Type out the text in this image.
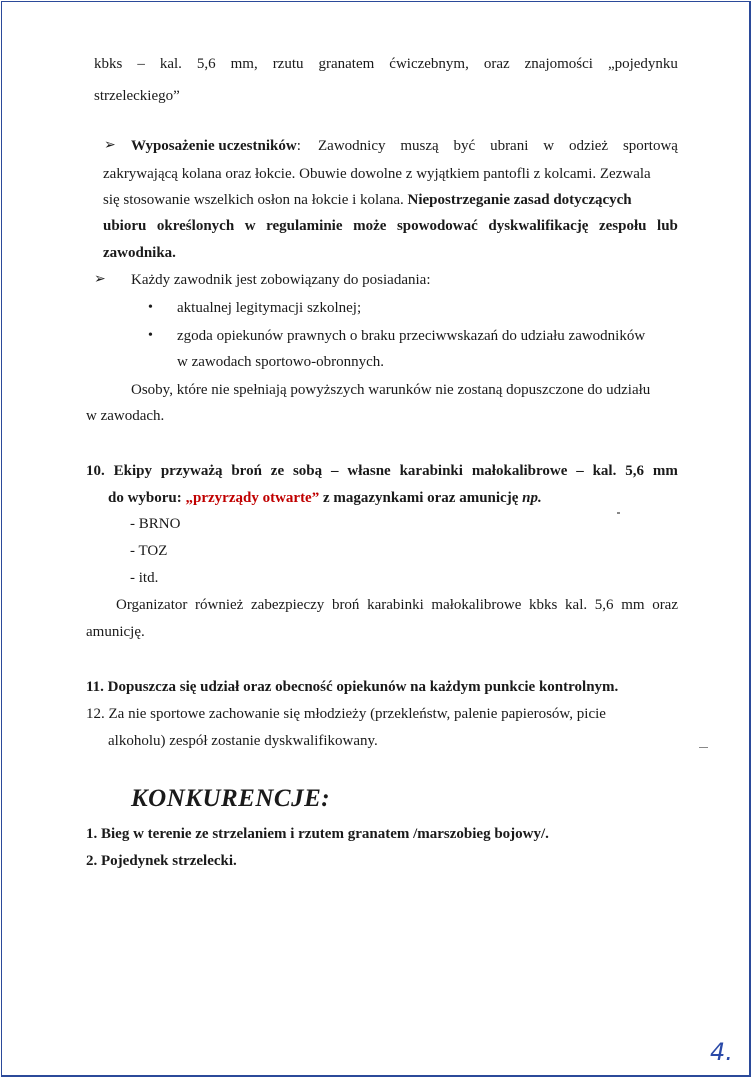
kbks – kal. 5,6 mm, rzutu granatem ćwiczebnym, oraz znajomości „pojedynku
strzeleckiego”
➢ Wyposażenie uczestników: Zawodnicy muszą być ubrani w odzież sportową
zakrywającą kolana oraz łokcie. Obuwie dowolne z wyjątkiem pantofli z kolcami. Zezwala
się stosowanie wszelkich osłon na łokcie i kolana. Niepostrzeganie zasad dotyczących
ubioru określonych w regulaminie może spowodować dyskwalifikację zespołu lub
zawodnika.
➢ Każdy zawodnik jest zobowiązany do posiadania:
• aktualnej legitymacji szkolnej;
• zgoda opiekunów prawnych o braku przeciwwskazań do udziału zawodników
w zawodach sportowo-obronnych.
Osoby, które nie spełniają powyższych warunków nie zostaną dopuszczone do udziału
w zawodach.
10. Ekipy przyważą broń ze sobą – własne karabinki małokalibrowe – kal. 5,6 mm
do wyboru: „przyrządy otwarte” z magazynkami oraz amunicję np.
- BRNO
- TOZ
- itd.
Organizator również zabezpieczy broń karabinki małokalibrowe kbks kal. 5,6 mm oraz
amunicję.
11. Dopuszcza się udział oraz obecność opiekunów na każdym punkcie kontrolnym.
12. Za nie sportowe zachowanie się młodzieży (przekleństw, palenie papierosów, picie
alkoholu) zespół zostanie dyskwalifikowany.
KONKURENCJE:
1. Bieg w terenie ze strzelaniem i rzutem granatem /marszobieg bojowy/.
2. Pojedynek strzelecki.
4.
